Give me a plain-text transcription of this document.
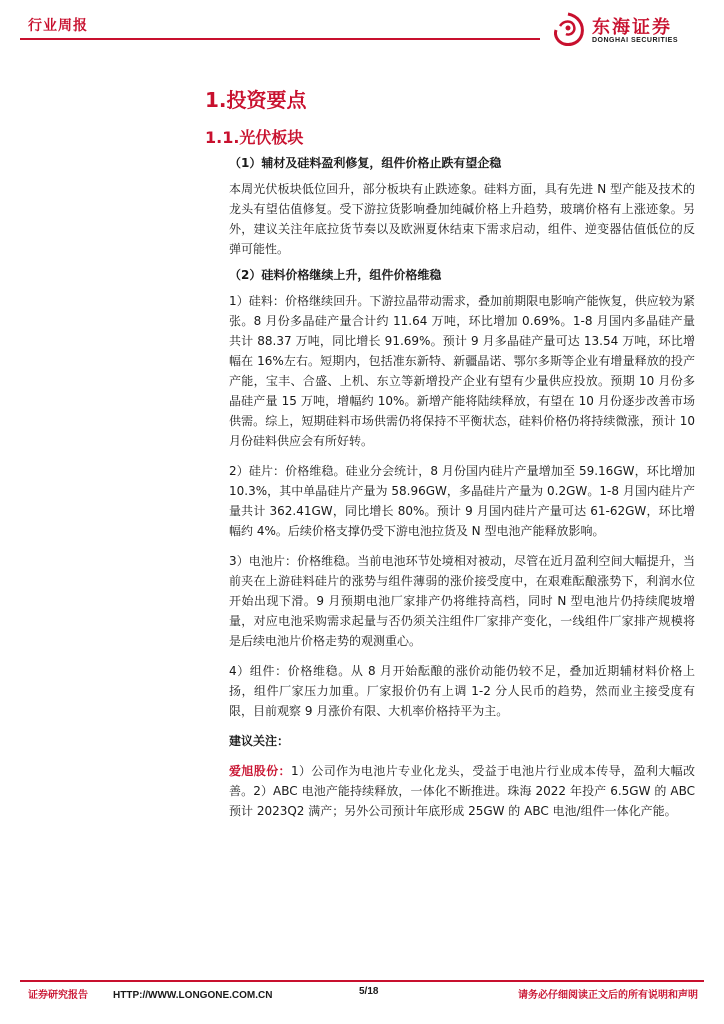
行业周报	东海证券
DONGHAI SECURITIES
1.投资要点
1.1.光伏板块

（1）辅材及硅料盈利修复，组件价格止跌有望企稳

本周光伏板块低位回升，部分板块有止跌迹象。硅料方面，具有先进 N 型产能及技术的龙头有望估值修复。受下游拉货影响叠加纯碱价格上升趋势，玻璃价格有上涨迹象。另外，建议关注年底拉货节奏以及欧洲夏休结束下需求启动，组件、逆变器估值低位的反弹可能性。

（2）硅料价格继续上升，组件价格维稳

1）硅料：价格继续回升。下游拉晶带动需求，叠加前期限电影响产能恢复，供应较为紧张。8 月份多晶硅产量合计约 11.64 万吨，环比增加 0.69%。1-8 月国内多晶硅产量共计 88.37 万吨，同比增长 91.69%。预计 9 月多晶硅产量可达 13.54 万吨，环比增幅在 16%左右。短期内，包括准东新特、新疆晶诺、鄂尔多斯等企业有增量释放的投产产能，宝丰、合盛、上机、东立等新增投产企业有望有少量供应投放。预期 10 月份多晶硅产量 15 万吨，增幅约 10%。新增产能将陆续释放，有望在 10 月份逐步改善市场供需。综上，短期硅料市场供需仍将保持不平衡状态，硅料价格仍将持续微涨，预计 10 月份硅料供应会有所好转。

2）硅片：价格维稳。硅业分会统计，8 月份国内硅片产量增加至 59.16GW，环比增加 10.3%，其中单晶硅片产量为 58.96GW，多晶硅片产量为 0.2GW。1-8 月国内硅片产量共计 362.41GW，同比增长 80%。预计 9 月国内硅片产量可达 61-62GW，环比增幅约 4%。后续价格支撑仍受下游电池拉货及 N 型电池产能释放影响。

3）电池片：价格维稳。当前电池环节处境相对被动，尽管在近月盈利空间大幅提升，当前夹在上游硅料硅片的涨势与组件薄弱的涨价接受度中，在艰难酝酿涨势下，利润水位开始出现下滑。9 月预期电池厂家排产仍将维持高档，同时 N 型电池片仍持续爬坡增量，对应电池采购需求起量与否仍须关注组件厂家排产变化，一线组件厂家排产规模将是后续电池片价格走势的观测重心。

4）组件：价格维稳。从 8 月开始酝酿的涨价动能仍较不足，叠加近期辅材料价格上扬，组件厂家压力加重。厂家报价仍有上调 1-2 分人民币的趋势，然而业主接受度有限，目前观察 9 月涨价有限、大机率价格持平为主。

建议关注：

爱旭股份：1）公司作为电池片专业化龙头，受益于电池片行业成本传导，盈利大幅改善。2）ABC 电池产能持续释放，一体化不断推进。珠海 2022 年投产 6.5GW 的 ABC 预计 2023Q2 满产；另外公司预计年底形成 25GW 的 ABC 电池/组件一体化产能。

证券研究报告	HTTP://WWW.LONGONE.COM.CN	5/18	请务必仔细阅读正文后的所有说明和声明
